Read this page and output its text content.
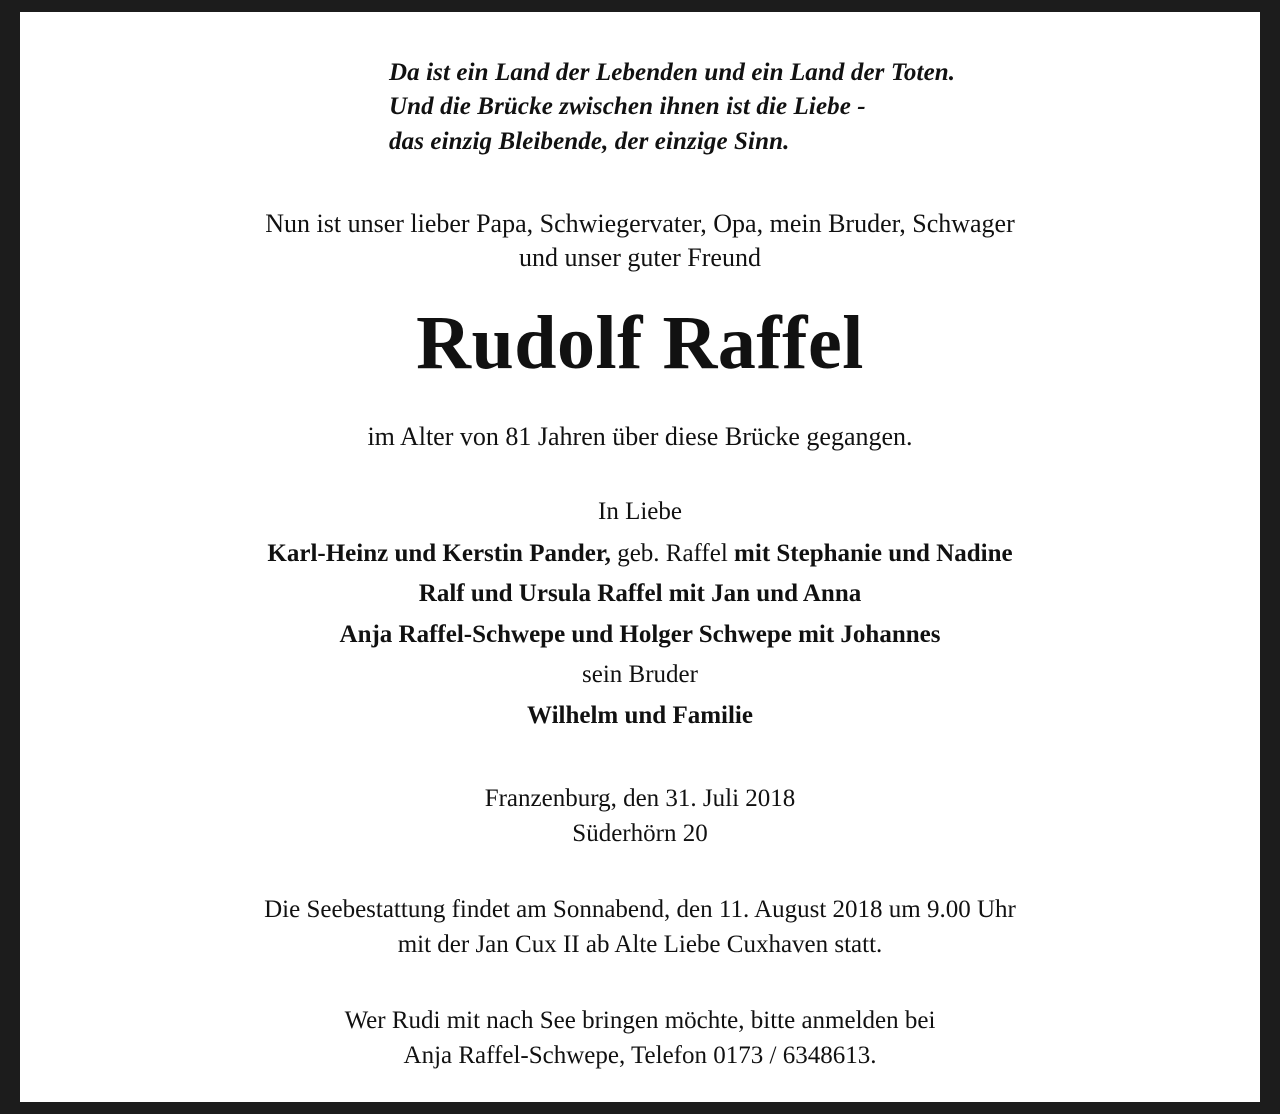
Da ist ein Land der Lebenden und ein Land der Toten.
Und die Brücke zwischen ihnen ist die Liebe -
das einzig Bleibende, der einzige Sinn.
Nun ist unser lieber Papa, Schwiegervater, Opa, mein Bruder, Schwager
und unser guter Freund
Rudolf Raffel
im Alter von 81 Jahren über diese Brücke gegangen.
In Liebe
Karl-Heinz und Kerstin Pander, geb. Raffel mit Stephanie und Nadine
Ralf und Ursula Raffel mit Jan und Anna
Anja Raffel-Schwepe und Holger Schwepe mit Johannes
sein Bruder
Wilhelm und Familie
Franzenburg, den 31. Juli 2018
Süderhörn 20
Die Seebestattung findet am Sonnabend, den 11. August 2018 um 9.00 Uhr
mit der Jan Cux II ab Alte Liebe Cuxhaven statt.
Wer Rudi mit nach See bringen möchte, bitte anmelden bei
Anja Raffel-Schwepe, Telefon 0173 / 6348613.
